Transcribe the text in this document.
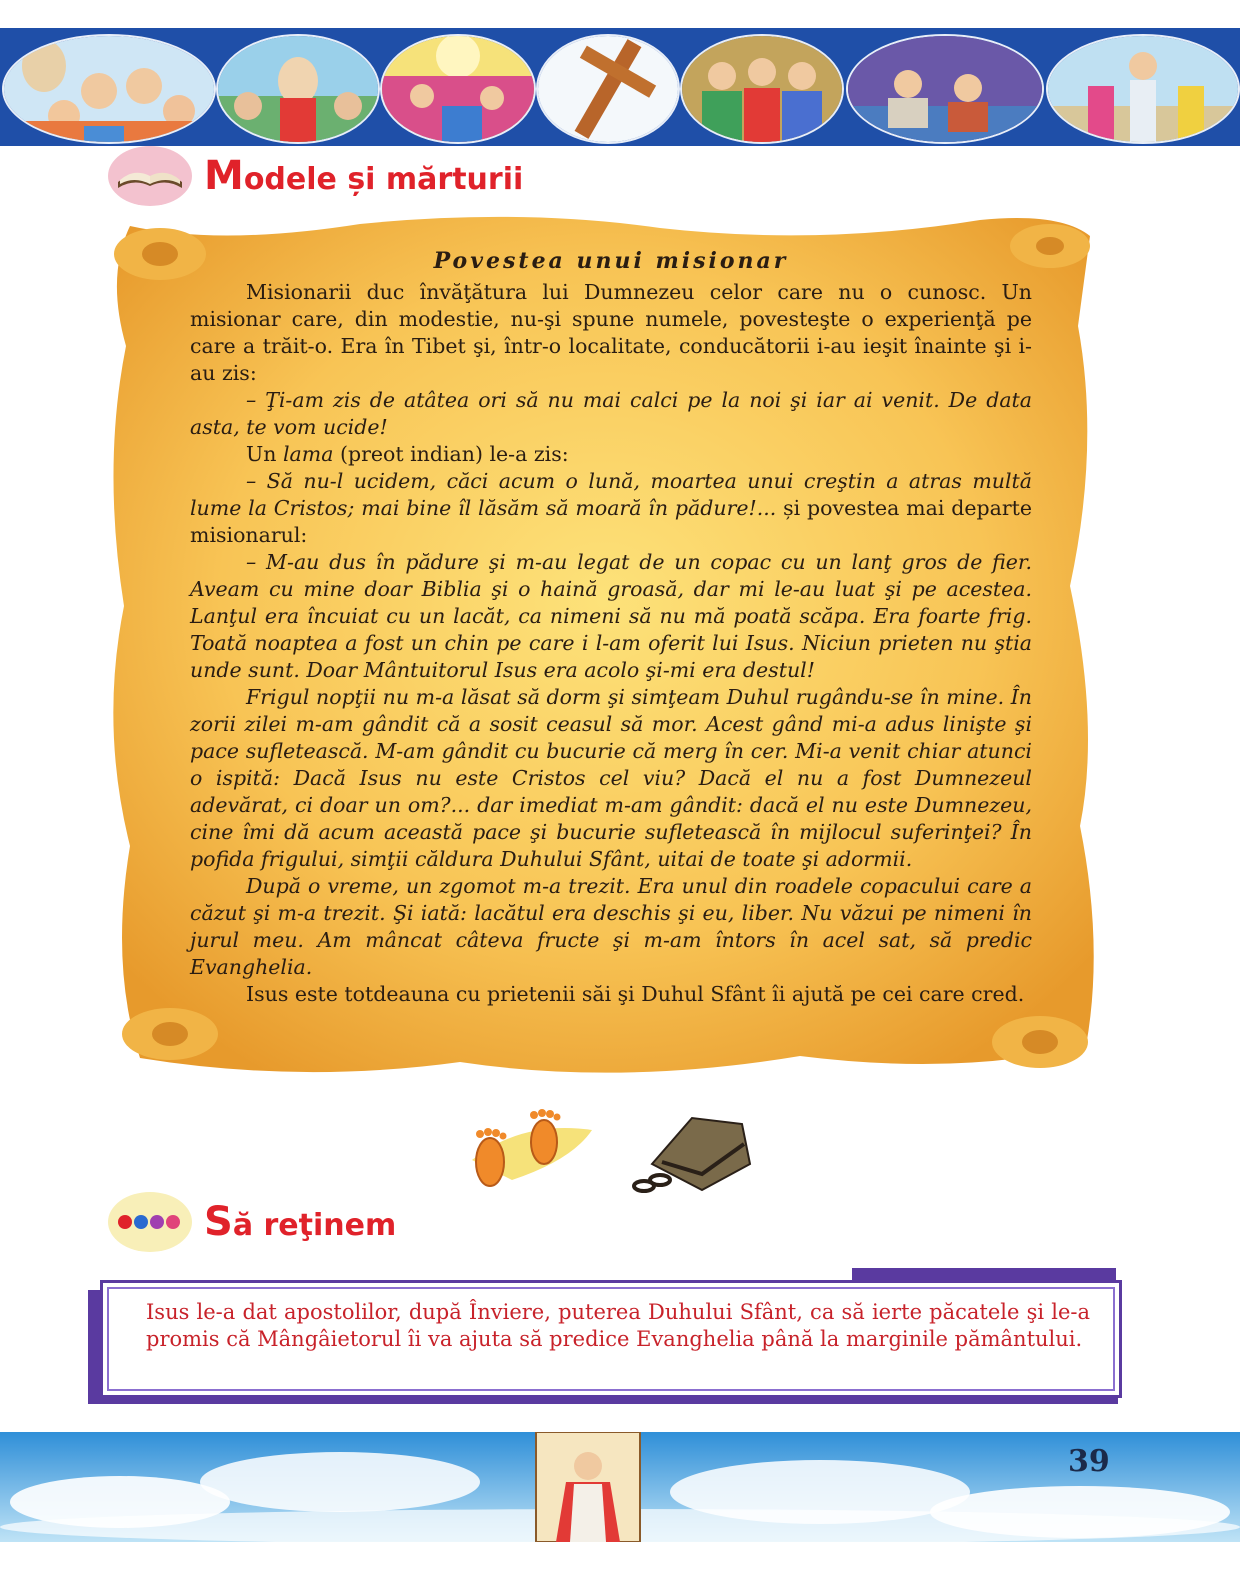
Modele și mărturii
Povestea unui misionar

Misionarii duc învăţătura lui Dumnezeu celor care nu o cunosc. Un misionar care, din modestie, nu-şi spune numele, povesteşte o experienţă pe care a trăit-o. Era în Tibet şi, într-o localitate, conducătorii i-au ieşit înainte şi i-au zis:

– Ţi-am zis de atâtea ori să nu mai calci pe la noi şi iar ai venit. De data asta, te vom ucide!

Un lama (preot indian) le-a zis:

– Să nu-l ucidem, căci acum o lună, moartea unui creştin a atras multă lume la Cristos; mai bine îl lăsăm să moară în pădure!... și povestea mai departe misionarul:

– M-au dus în pădure şi m-au legat de un copac cu un lanţ gros de fier. Aveam cu mine doar Biblia şi o haină groasă, dar mi le-au luat şi pe acestea. Lanţul era încuiat cu un lacăt, ca nimeni să nu mă poată scăpa. Era foarte frig. Toată noaptea a fost un chin pe care i l-am oferit lui Isus. Niciun prieten nu ştia unde sunt. Doar Mântuitorul Isus era acolo şi-mi era destul!

Frigul nopţii nu m-a lăsat să dorm şi simţeam Duhul rugându-se în mine. În zorii zilei m-am gândit că a sosit ceasul să mor. Acest gând mi-a adus linişte şi pace sufletească. M-am gândit cu bucurie că merg în cer. Mi-a venit chiar atunci o ispită: Dacă Isus nu este Cristos cel viu? Dacă el nu a fost Dumnezeul adevărat, ci doar un om?... dar imediat m-am gândit: dacă el nu este Dumnezeu, cine îmi dă acum această pace şi bucurie sufletească în mijlocul suferinţei? În pofida frigului, simţii căldura Duhului Sfânt, uitai de toate şi adormii.

După o vreme, un zgomot m-a trezit. Era unul din roadele copacului care a căzut şi m-a trezit. Şi iată: lacătul era deschis şi eu, liber. Nu văzui pe nimeni în jurul meu. Am mâncat câteva fructe şi m-am întors în acel sat, să predic Evanghelia.

Isus este totdeauna cu prietenii săi şi Duhul Sfânt îi ajută pe cei care cred.

Să reţinem
Isus le-a dat apostolilor, după Înviere, puterea Duhului Sfânt, ca să ierte păcatele şi le-a promis că Mângâietorul îi va ajuta să predice Evanghelia până la marginile pământului.
39
